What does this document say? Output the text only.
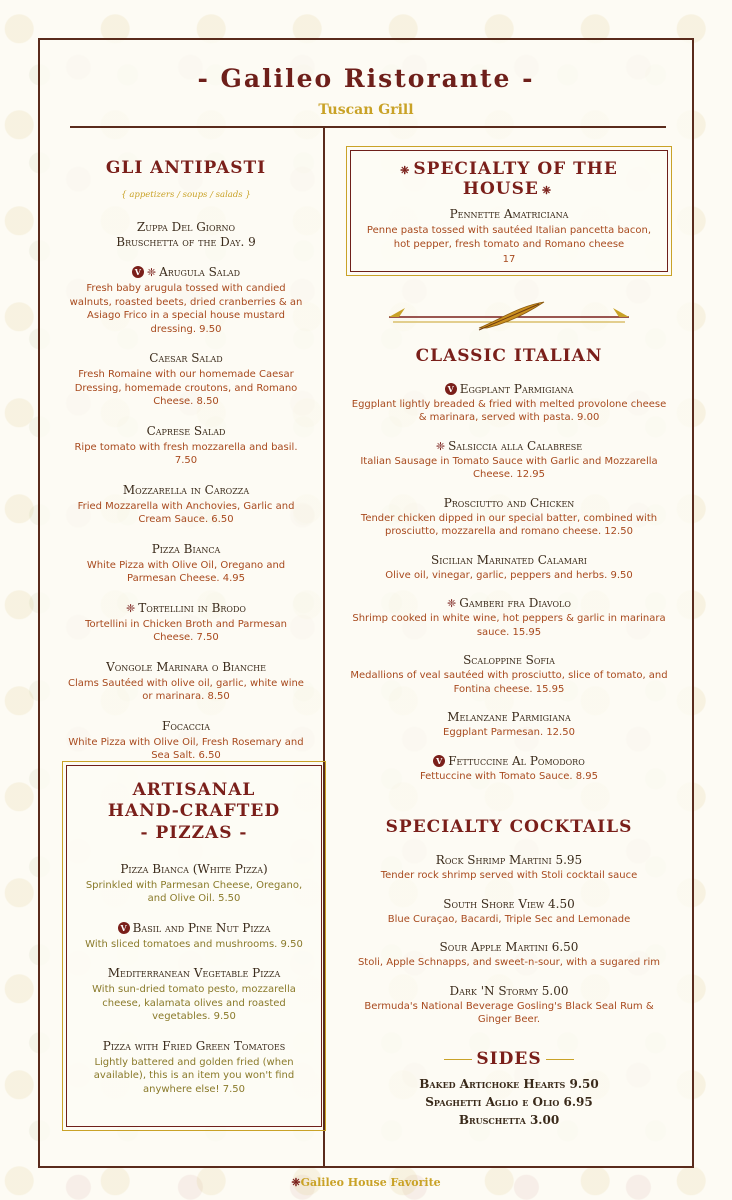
- Galileo Ristorante -
Tuscan Grill
GLI ANTIPASTI
{ appetizers / soups / salads }
Zuppa Del Giorno
Bruschetta of the Day. 9
V ❈ Arugula Salad
Fresh baby arugula tossed with candied walnuts, roasted beets, dried cranberries & an Asiago Frico in a special house mustard dressing. 9.50
Caesar Salad
Fresh Romaine with our homemade Caesar Dressing, homemade croutons, and Romano Cheese. 8.50
Caprese Salad
Ripe tomato with fresh mozzarella and basil. 7.50
Mozzarella in Carozza
Fried Mozzarella with Anchovies, Garlic and Cream Sauce. 6.50
Pizza Bianca
White Pizza with Olive Oil, Oregano and Parmesan Cheese. 4.95
❈ Tortellini in Brodo
Tortellini in Chicken Broth and Parmesan Cheese. 7.50
Vongole Marinara o Bianche
Clams Sautéed with olive oil, garlic, white wine or marinara. 8.50
Focaccia
White Pizza with Olive Oil, Fresh Rosemary and Sea Salt. 6.50
ARTISANAL
HAND-CRAFTED
- PIZZAS -
Pizza Bianca (White Pizza)
Sprinkled with Parmesan Cheese, Oregano, and Olive Oil. 5.50
V Basil and Pine Nut Pizza
With sliced tomatoes and mushrooms. 9.50
Mediterranean Vegetable Pizza
With sun-dried tomato pesto, mozzarella cheese, kalamata olives and roasted vegetables. 9.50
Pizza with Fried Green Tomatoes
Lightly battered and golden fried (when available), this is an item you won't find anywhere else! 7.50
❈ SPECIALTY OF THE HOUSE ❈
Pennette Amatriciana
Penne pasta tossed with sautéed Italian pancetta bacon, hot pepper, fresh tomato and Romano cheese
17
CLASSIC ITALIAN
V Eggplant Parmigiana
Eggplant lightly breaded & fried with melted provolone cheese & marinara, served with pasta. 9.00
❈ Salsiccia alla Calabrese
Italian Sausage in Tomato Sauce with Garlic and Mozzarella Cheese. 12.95
Prosciutto and Chicken
Tender chicken dipped in our special batter, combined with prosciutto, mozzarella and romano cheese. 12.50
Sicilian Marinated Calamari
Olive oil, vinegar, garlic, peppers and herbs. 9.50
❈ Gamberi fra Diavolo
Shrimp cooked in white wine, hot peppers & garlic in marinara sauce. 15.95
Scaloppine Sofia
Medallions of veal sautéed with prosciutto, slice of tomato, and Fontina cheese. 15.95
Melanzane Parmigiana
Eggplant Parmesan. 12.50
V Fettuccine Al Pomodoro
Fettuccine with Tomato Sauce. 8.95
SPECIALTY COCKTAILS
Rock Shrimp Martini 5.95
Tender rock shrimp served with Stoli cocktail sauce
South Shore View 4.50
Blue Curaçao, Bacardi, Triple Sec and Lemonade
Sour Apple Martini 6.50
Stoli, Apple Schnapps, and sweet-n-sour, with a sugared rim
Dark 'N Stormy 5.00
Bermuda's National Beverage Gosling's Black Seal Rum & Ginger Beer.
SIDES
Baked Artichoke Hearts 9.50
Spaghetti Aglio e Olio 6.95
Bruschetta 3.00
❈Galileo House Favorite
